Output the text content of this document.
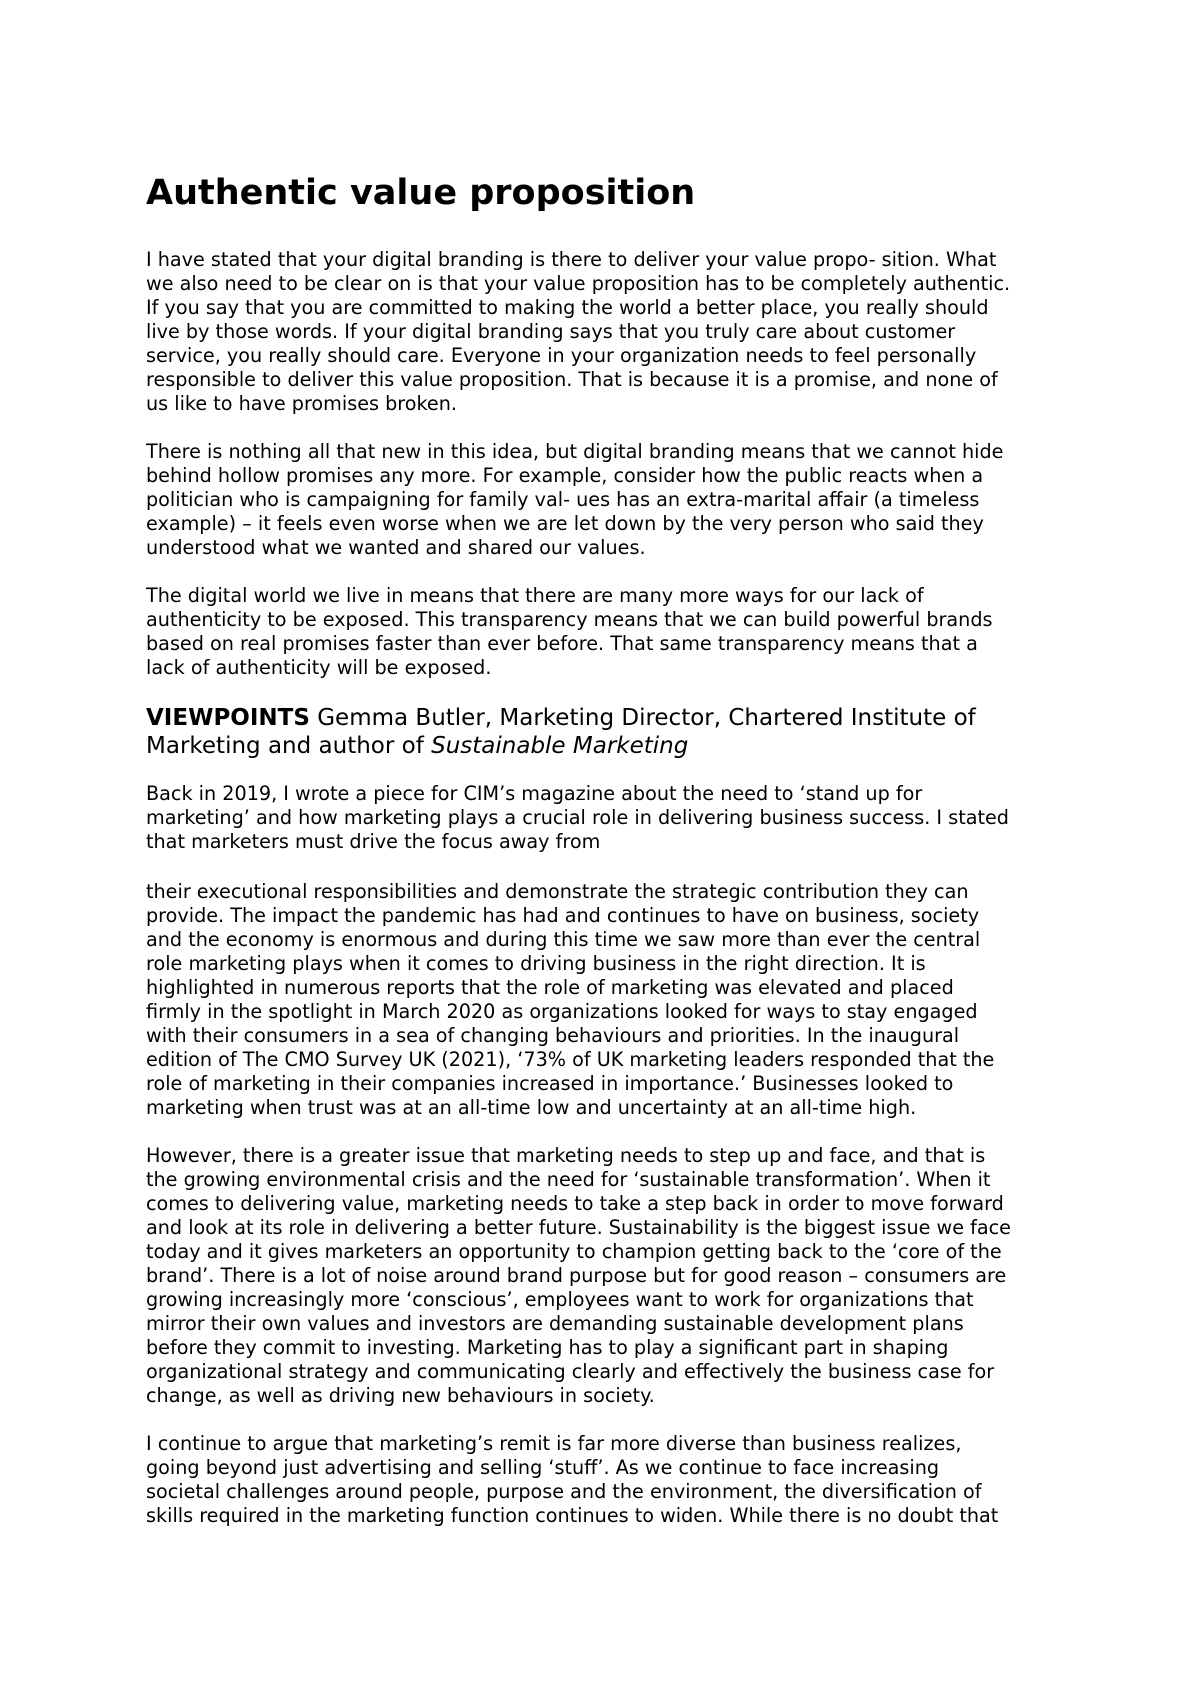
Authentic value proposition

I have stated that your digital branding is there to deliver your value propo- sition. What
we also need to be clear on is that your value proposition has to be completely authentic.
If you say that you are committed to making the world a better place, you really should
live by those words. If your digital branding says that you truly care about customer
service, you really should care. Everyone in your organization needs to feel personally
responsible to deliver this value proposition. That is because it is a promise, and none of
us like to have promises broken.

There is nothing all that new in this idea, but digital branding means that we cannot hide
behind hollow promises any more. For example, consider how the public reacts when a
politician who is campaigning for family val- ues has an extra-marital affair (a timeless
example) – it feels even worse when we are let down by the very person who said they
understood what we wanted and shared our values.

The digital world we live in means that there are many more ways for our lack of
authenticity to be exposed. This transparency means that we can build powerful brands
based on real promises faster than ever before. That same transparency means that a
lack of authenticity will be exposed.

VIEWPOINTS Gemma Butler, Marketing Director, Chartered Institute of
Marketing and author of Sustainable Marketing

Back in 2019, I wrote a piece for CIM’s magazine about the need to ‘stand up for
marketing’ and how marketing plays a crucial role in delivering business success. I stated
that marketers must drive the focus away from

their executional responsibilities and demonstrate the strategic contribution they can
provide. The impact the pandemic has had and continues to have on business, society
and the economy is enormous and during this time we saw more than ever the central
role marketing plays when it comes to driving business in the right direction. It is
highlighted in numerous reports that the role of marketing was elevated and placed
firmly in the spotlight in March 2020 as organizations looked for ways to stay engaged
with their consumers in a sea of changing behaviours and priorities. In the inaugural
edition of The CMO Survey UK (2021), ‘73% of UK marketing leaders responded that the
role of marketing in their companies increased in importance.’ Businesses looked to
marketing when trust was at an all-time low and uncertainty at an all-time high.

However, there is a greater issue that marketing needs to step up and face, and that is
the growing environmental crisis and the need for ‘sustainable transformation’. When it
comes to delivering value, marketing needs to take a step back in order to move forward
and look at its role in delivering a better future. Sustainability is the biggest issue we face
today and it gives marketers an opportunity to champion getting back to the ‘core of the
brand’. There is a lot of noise around brand purpose but for good reason – consumers are
growing increasingly more ‘conscious’, employees want to work for organizations that
mirror their own values and investors are demanding sustainable development plans
before they commit to investing. Marketing has to play a significant part in shaping
organizational strategy and communicating clearly and effectively the business case for
change, as well as driving new behaviours in society.

I continue to argue that marketing’s remit is far more diverse than business realizes,
going beyond just advertising and selling ‘stuff’. As we continue to face increasing
societal challenges around people, purpose and the environment, the diversification of
skills required in the marketing function continues to widen. While there is no doubt that
